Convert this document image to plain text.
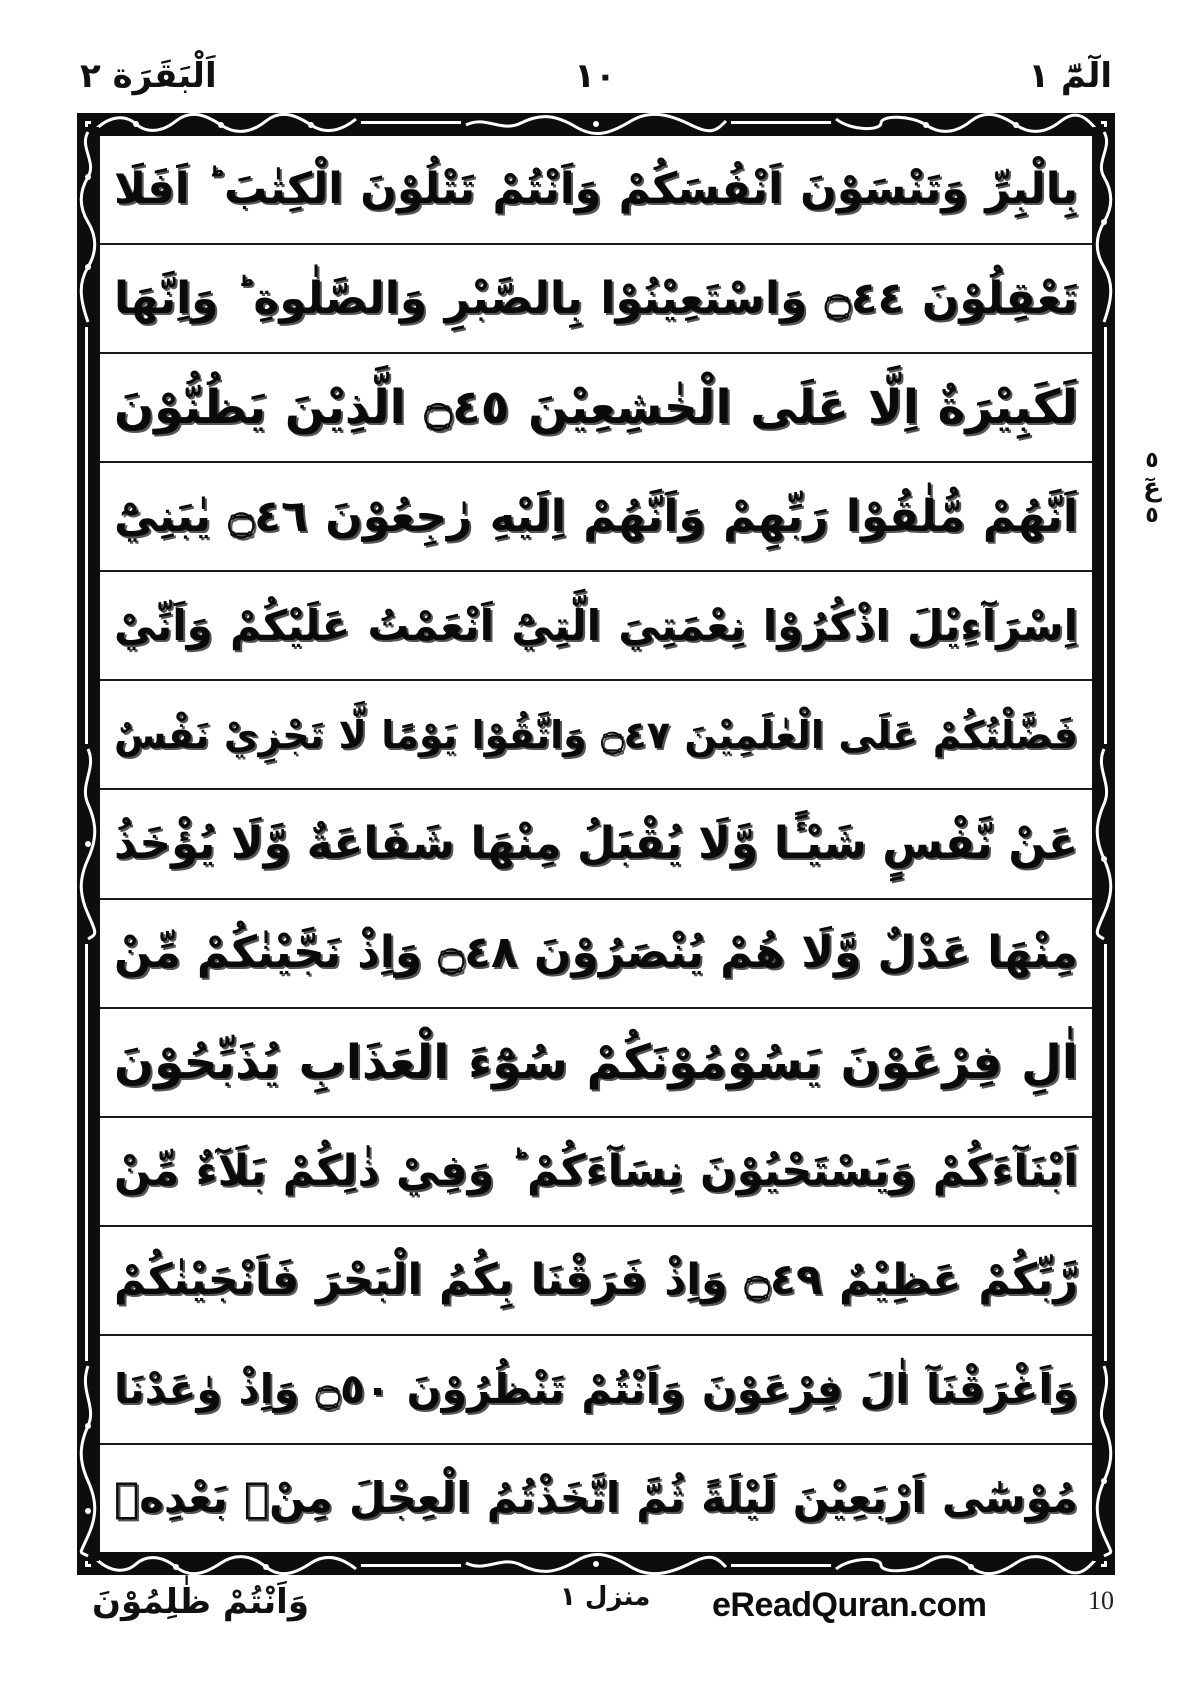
اَلْبَقَرَة ٢	١٠	الٓمّٓ ١
بِالْبِرِّ وَتَنْسَوْنَ اَنْفُسَكُمْ وَاَنْتُمْ تَتْلُوْنَ الْكِتٰبَ ؕ اَفَلَا
تَعْقِلُوْنَ ۝٤٤ وَاسْتَعِيْنُوْا بِالصَّبْرِ وَالصَّلٰوةِ ؕ وَاِنَّهَا
لَكَبِيْرَةٌ اِلَّا عَلَى الْخٰشِعِيْنَ ۝٤٥ الَّذِيْنَ يَظُنُّوْنَ
اَنَّهُمْ مُّلٰقُوْا رَبِّهِمْ وَاَنَّهُمْ اِلَيْهِ رٰجِعُوْنَ ۝٤٦ يٰبَنِيْٓ
اِسْرَآءِيْلَ اذْكُرُوْا نِعْمَتِيَ الَّتِيْٓ اَنْعَمْتُ عَلَيْكُمْ وَاَنِّيْ
فَضَّلْتُكُمْ عَلَى الْعٰلَمِيْنَ ۝٤٧ وَاتَّقُوْا يَوْمًا لَّا تَجْزِيْ نَفْسٌ
عَنْ نَّفْسٍ شَيْـًٔا وَّلَا يُقْبَلُ مِنْهَا شَفَاعَةٌ وَّلَا يُؤْخَذُ
مِنْهَا عَدْلٌ وَّلَا هُمْ يُنْصَرُوْنَ ۝٤٨ وَاِذْ نَجَّيْنٰكُمْ مِّنْ
اٰلِ فِرْعَوْنَ يَسُوْمُوْنَكُمْ سُوْٓءَ الْعَذَابِ يُذَبِّحُوْنَ
اَبْنَآءَكُمْ وَيَسْتَحْيُوْنَ نِسَآءَكُمْ ؕ وَفِيْ ذٰلِكُمْ بَلَآءٌ مِّنْ
رَّبِّكُمْ عَظِيْمٌ ۝٤٩ وَاِذْ فَرَقْنَا بِكُمُ الْبَحْرَ فَاَنْجَيْنٰكُمْ
وَاَغْرَقْنَآ اٰلَ فِرْعَوْنَ وَاَنْتُمْ تَنْظُرُوْنَ ۝٥٠ وَاِذْ وٰعَدْنَا
مُوْسٰٓى اَرْبَعِيْنَ لَيْلَةً ثُمَّ اتَّخَذْتُمُ الْعِجْلَ مِنْۢ بَعْدِهٖ
٥
عٓ
٥
وَاَنْتُمْ ظٰلِمُوْنَ	منزل ١ eReadQuran.com	10
